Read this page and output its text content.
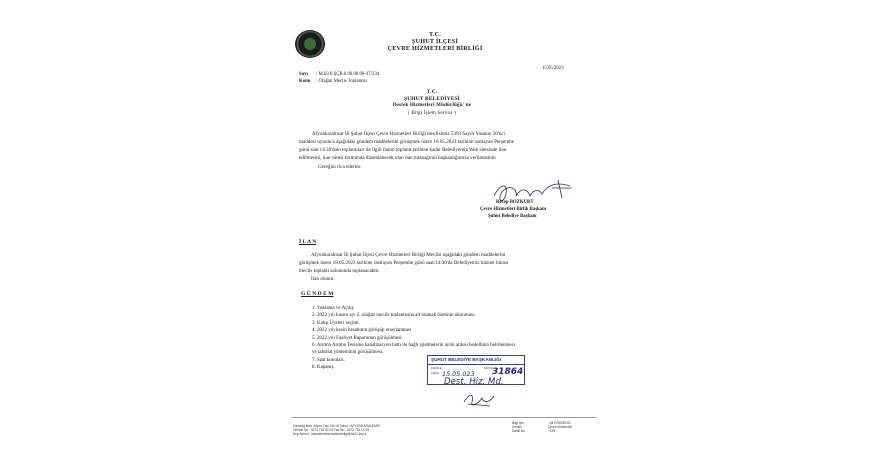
T.C.
ŞUHUT İLÇESİ
ÇEVRE HİZMETLERİ BİRLİĞİ
15.05.2023
Sayı : M.03.6.ŞÇB.0.00.00.00-47/234
Konu : Olağan Meclis Toplantısı
T.C.
ŞUHUT BELEDİYESİ
Destek Hizmetleri Müdürlüğü' ne
( Bilgi İşlem Servisi )
Afyonkarahisar İli Şuhut İlçesi Çevre Hizmetleri Birliği meclisimiz 5393 Sayılı Yasanın 20'nci
maddesi uyarınca aşağıdaki gündem maddelerini görüşmek üzere 18.05.2023 tarihine rastlayan Perşembe
günü saat 14.30'daki toplantıları ile ilgili ilanın toplantı tarihine kadar Belediyemiz Web sitesinde ilan
edilmesini, ilan süresi biriminda düzenlenecek olan ilan tutanağının başkanlığımıza verilmesinin
Gereğini rica ederim.
Recep BOZKURT
Çevre Hizmetleri Birlik Başkanı
Şuhut Belediye Başkanı
İ L A N
Afyonkarahisar İli Şuhut İlçesi Çevre Hizmetleri Birliği Meclisi aşağıdaki gündem maddelerini
görüşmek üzere 18.05.2023 tarihine rastlayan Perşembe günü saat:14:30'da Belediyemiz hizmet binası
meclis toplantı salonunda toplanacaktır.
İlan olunur.
G Ü N D E M
1. Yoklama ve Açılış
2. 2022 yılı kasım ayı 2. olağan meclis toplantısına ait tutanak özetinin okunması.
3. Katip Üyeleri seçimi
4. 2022 yılı kesin hesabının görüşüp onaylanması
5. 2022 yılı Faaliyet Raporunun görüşülmesi.
6. Arıtma Arıtma Tesisine kanalizasyon hattı ile bağlı işletmelerin aylık atıksu bedellinin belirlenmesi
ve tahsilat yönteminin görüşülmesi.
7. Saat konuları.
8. Kapanış.
ŞUHUT BELEDİYE BAŞKANLIĞI
HAVALE
TARİH
SAYISI
15.05.023 31864
Dest. Hiz. Md.
Karlıdağ Mah. Afyon Cad. No:16 Şuhut / AFYONKARAHİSAR
Telefon No : 0272 718 20 04 Fax No : 0272 718 10 09
Kep Adresi : suhutcevrehizmetleribirligi@hs01.kep.tr
Bilgi İçin
Unvanı
Dahili No
: Ali GÖKDENİZ
Çevre Mühendisi
: 129
